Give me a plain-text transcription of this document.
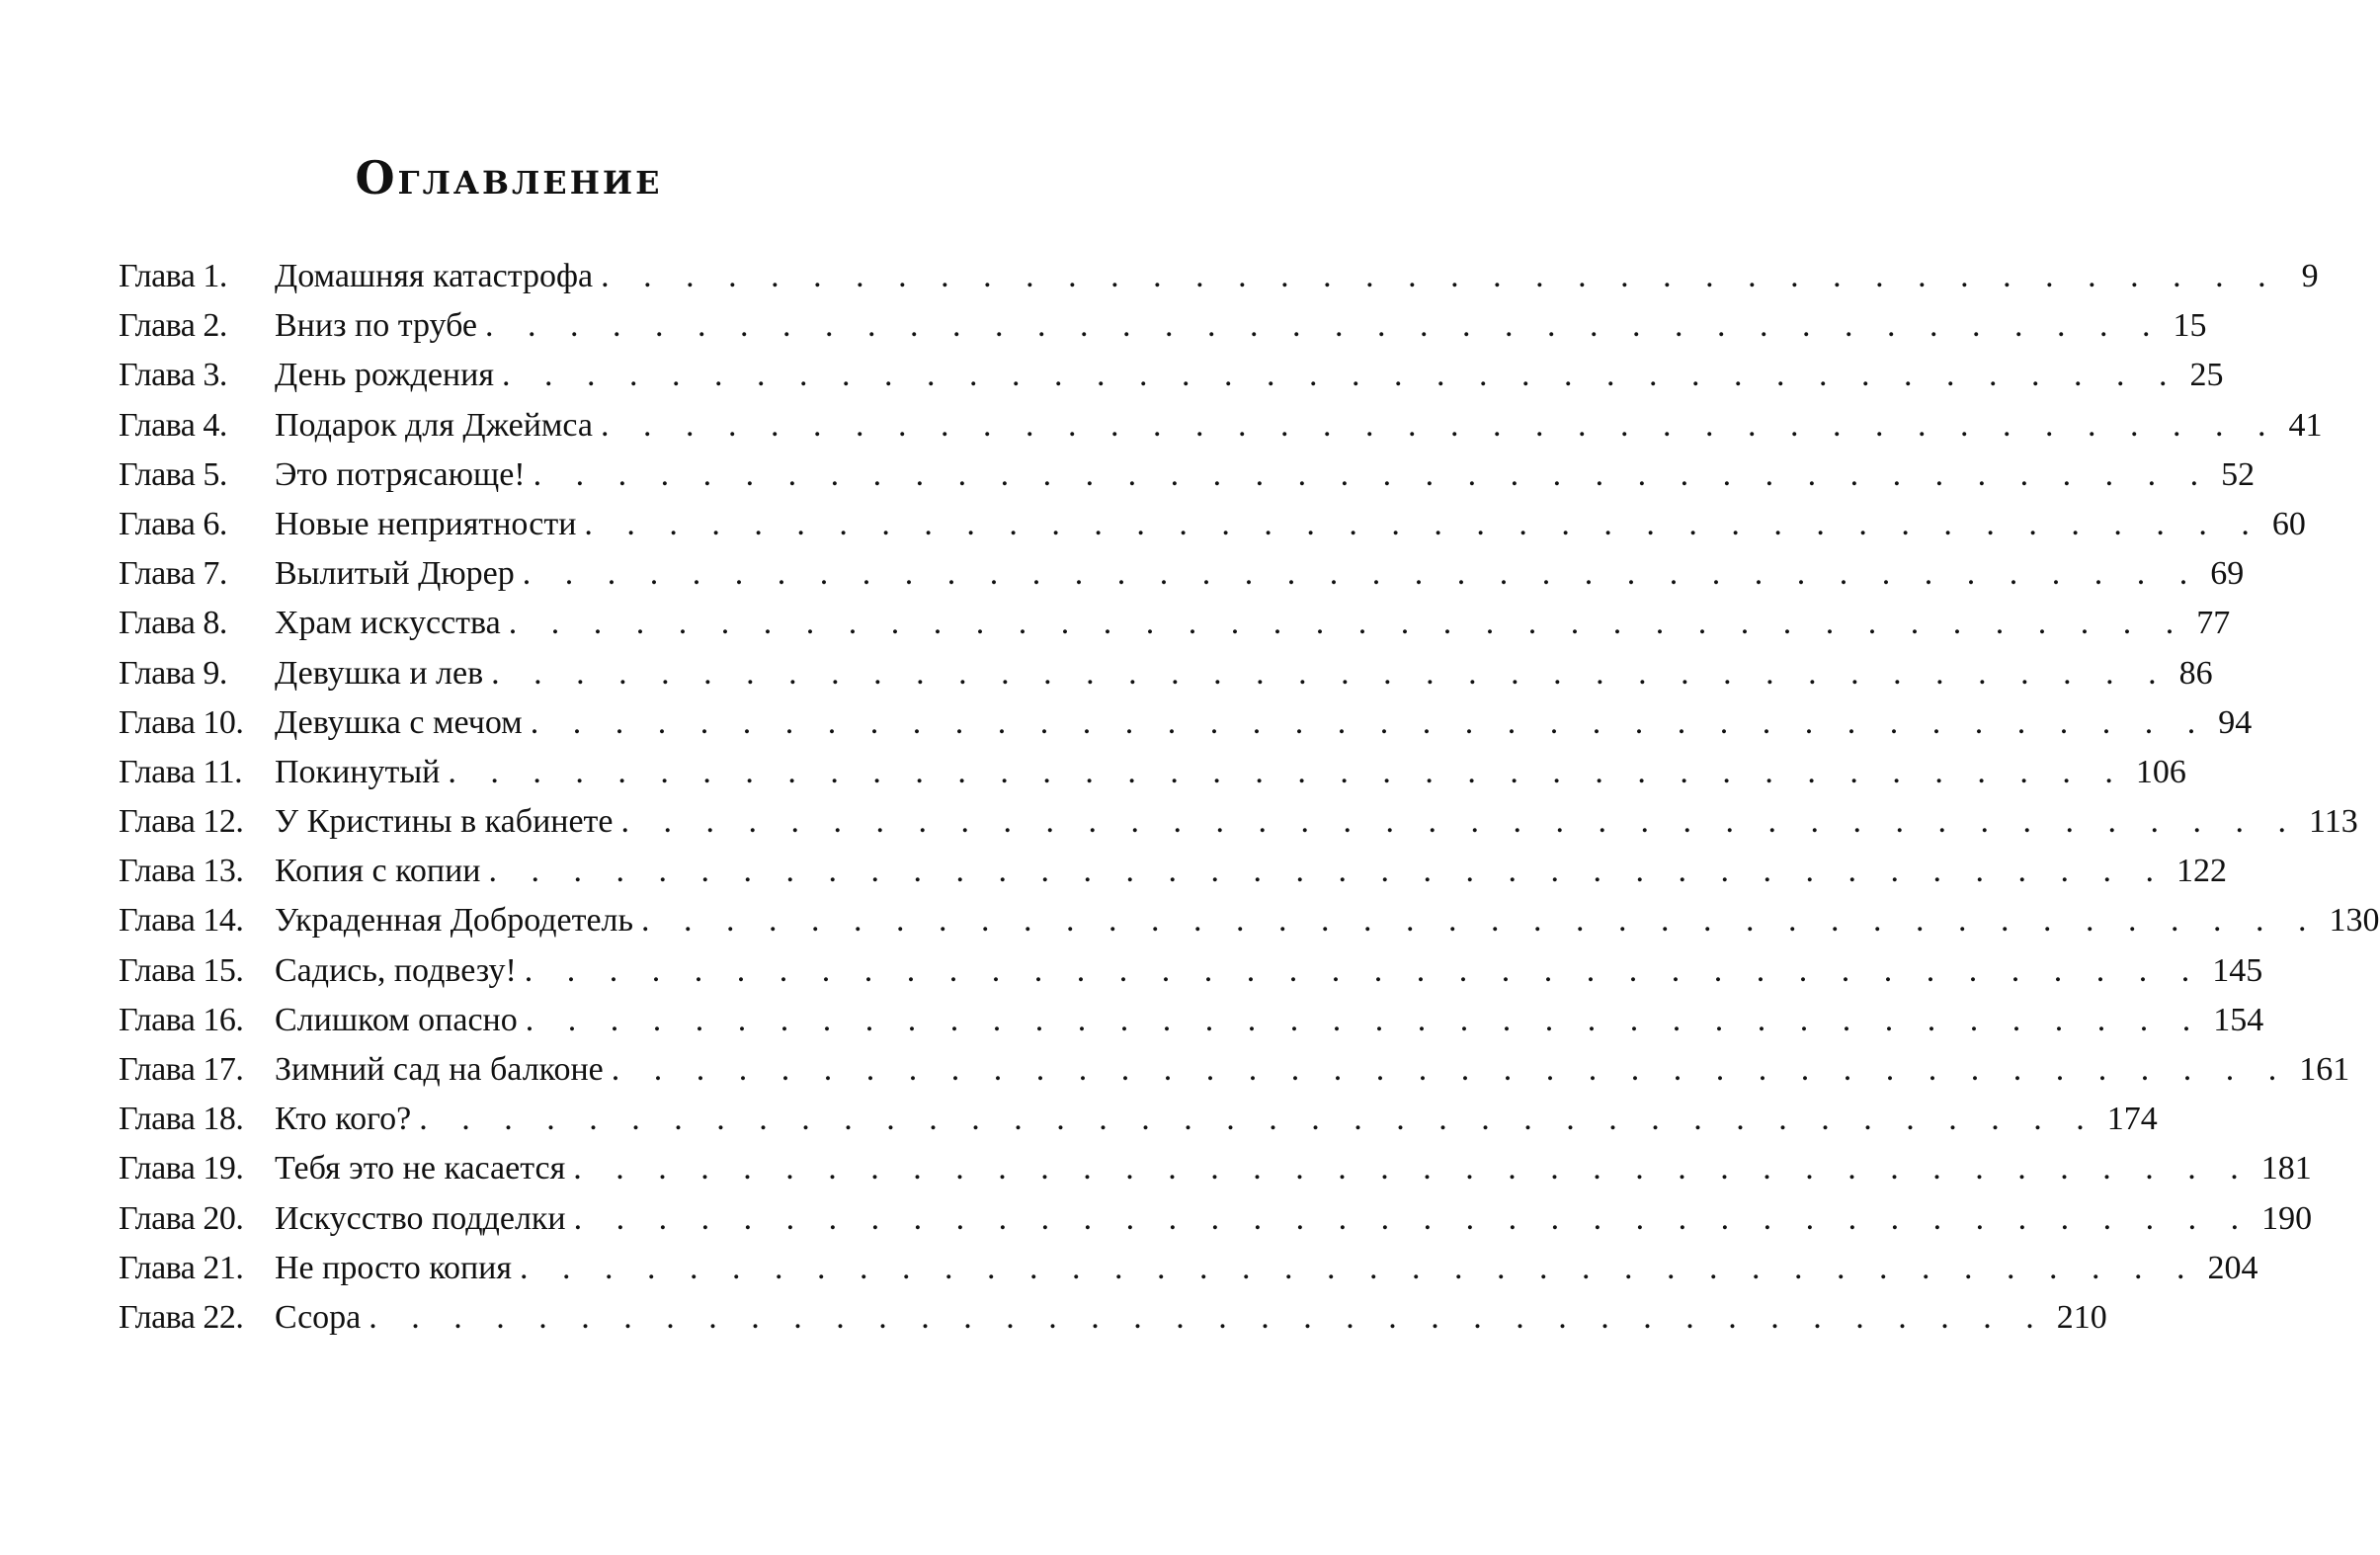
Оглавление
Глава 1.	Домашняя катастрофа . . . . . . . . . . . . . . . . . . . . . . . . . . . . . . . . . . . . . . . . 9
Глава 2.	Вниз по трубе . . . . . . . . . . . . . . . . . . . . . . . . . . . . . . . . . . . . . . . . 15
Глава 3.	День рождения . . . . . . . . . . . . . . . . . . . . . . . . . . . . . . . . . . . . . . . . 25
Глава 4.	Подарок для Джеймса . . . . . . . . . . . . . . . . . . . . . . . . . . . . . . . . . . . . . . . . 41
Глава 5.	Это потрясающе! . . . . . . . . . . . . . . . . . . . . . . . . . . . . . . . . . . . . . . . . 52
Глава 6.	Новые неприятности . . . . . . . . . . . . . . . . . . . . . . . . . . . . . . . . . . . . . . . . 60
Глава 7.	Вылитый Дюрер . . . . . . . . . . . . . . . . . . . . . . . . . . . . . . . . . . . . . . . . 69
Глава 8.	Храм искусства . . . . . . . . . . . . . . . . . . . . . . . . . . . . . . . . . . . . . . . . 77
Глава 9.	Девушка и лев . . . . . . . . . . . . . . . . . . . . . . . . . . . . . . . . . . . . . . . . 86
Глава 10. Девушка с мечом . . . . . . . . . . . . . . . . . . . . . . . . . . . . . . . . . . . . . . . . 94
Глава 11. Покинутый . . . . . . . . . . . . . . . . . . . . . . . . . . . . . . . . . . . . . . . . 106
Глава 12. У Кристины в кабинете . . . . . . . . . . . . . . . . . . . . . . . . . . . . . . . . . . . . . . . . 113
Глава 13. Копия с копии . . . . . . . . . . . . . . . . . . . . . . . . . . . . . . . . . . . . . . . . 122
Глава 14. Украденная Добродетель . . . . . . . . . . . . . . . . . . . . . . . . . . . . . . . . . . . . . . . . 130
Глава 15. Садись, подвезу! . . . . . . . . . . . . . . . . . . . . . . . . . . . . . . . . . . . . . . . . 145
Глава 16. Слишком опасно . . . . . . . . . . . . . . . . . . . . . . . . . . . . . . . . . . . . . . . . 154
Глава 17. Зимний сад на балконе . . . . . . . . . . . . . . . . . . . . . . . . . . . . . . . . . . . . . . . . 161
Глава 18. Кто кого? . . . . . . . . . . . . . . . . . . . . . . . . . . . . . . . . . . . . . . . . 174
Глава 19. Тебя это не касается . . . . . . . . . . . . . . . . . . . . . . . . . . . . . . . . . . . . . . . . 181
Глава 20. Искусство подделки . . . . . . . . . . . . . . . . . . . . . . . . . . . . . . . . . . . . . . . . 190
Глава 21. Не просто копия . . . . . . . . . . . . . . . . . . . . . . . . . . . . . . . . . . . . . . . . 204
Глава 22. Ссора . . . . . . . . . . . . . . . . . . . . . . . . . . . . . . . . . . . . . . . . 210
